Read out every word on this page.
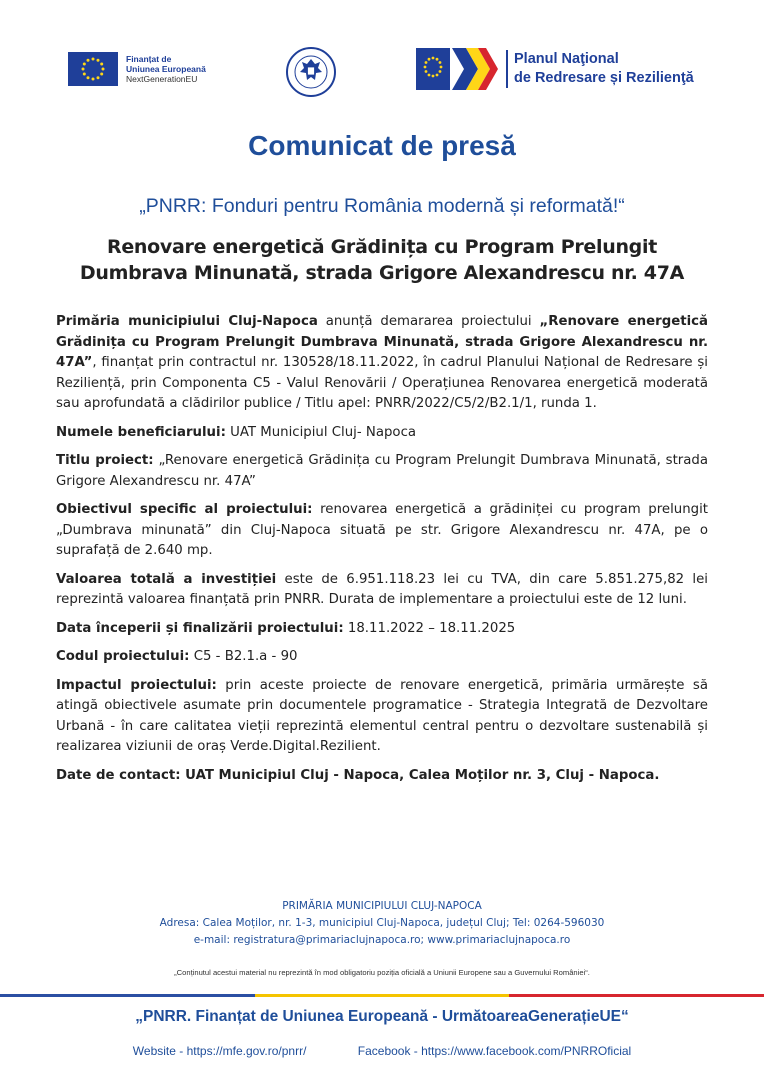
Finanțat de
Uniunea Europeană
NextGenerationEU
Planul Naţional
de Redresare și Rezilienţă
Comunicat de presă
„PNRR: Fonduri pentru România modernă și reformată!“
Renovare energetică Grădinița cu Program Prelungit
Dumbrava Minunată, strada Grigore Alexandrescu nr. 47A

Primăria municipiului Cluj-Napoca anunță demararea proiectului „Renovare energetică Grădinița cu Program Prelungit Dumbrava Minunată, strada Grigore Alexandrescu nr. 47A”, finanțat prin contractul nr. 130528/18.11.2022, în cadrul Planului Național de Redresare și Reziliență, prin Componenta C5 - Valul Renovării / Operațiunea Renovarea energetică moderată sau aprofundată a clădirilor publice / Titlu apel: PNRR/2022/C5/2/B2.1/1, runda 1.

Numele beneficiarului: UAT Municipiul Cluj- Napoca

Titlu proiect: „Renovare energetică Grădinița cu Program Prelungit Dumbrava Minunată, strada Grigore Alexandrescu nr. 47A”

Obiectivul specific al proiectului: renovarea energetică a grădiniței cu program prelungit „Dumbrava minunată” din Cluj-Napoca situată pe str. Grigore Alexandrescu nr. 47A, pe o suprafață de 2.640 mp.

Valoarea totală a investiției este de 6.951.118.23 lei cu TVA, din care 5.851.275,82 lei reprezintă valoarea finanțată prin PNRR. Durata de implementare a proiectului este de 12 luni.

Data începerii și finalizării proiectului: 18.11.2022 – 18.11.2025

Codul proiectului: C5 - B2.1.a - 90

Impactul proiectului: prin aceste proiecte de renovare energetică, primăria urmărește să atingă obiectivele asumate prin documentele programatice - Strategia Integrată de Dezvoltare Urbană - în care calitatea vieții reprezintă elementul central pentru o dezvoltare sustenabilă și realizarea viziunii de oraș Verde.Digital.Rezilient.

Date de contact: UAT Municipiul Cluj - Napoca, Calea Moților nr. 3, Cluj - Napoca.

PRIMĂRIA MUNICIPIULUI CLUJ-NAPOCA
Adresa: Calea Moților, nr. 1-3, municipiul Cluj-Napoca, județul Cluj; Tel: 0264-596030
e-mail: registratura@primariaclujnapoca.ro; www.primariaclujnapoca.ro
„Conținutul acestui material nu reprezintă în mod obligatoriu poziția oficială a Uniunii Europene sau a Guvernului României“.
„PNRR. Finanțat de Uniunea Europeană - UrmătoareaGenerațieUE“
Website - https://mfe.gov.ro/pnrr/	Facebook - https://www.facebook.com/PNRROficial
